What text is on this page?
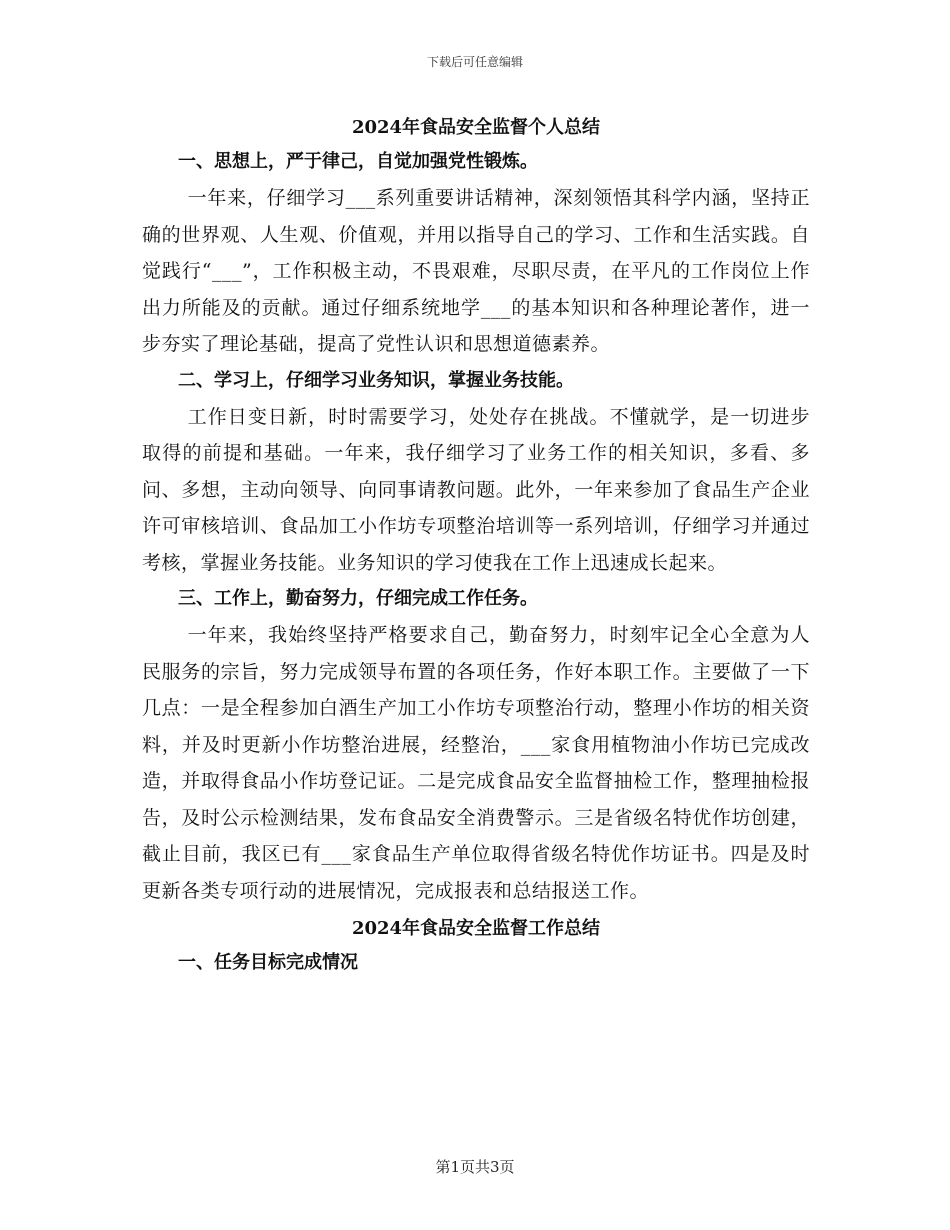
下载后可任意编辑
2024年食品安全监督个人总结
一、思想上，严于律己，自觉加强党性锻炼。

一年来，仔细学习___系列重要讲话精神，深刻领悟其科学内涵，坚持正确的世界观、人生观、价值观，并用以指导自己的学习、工作和生活实践。自觉践行“___”，工作积极主动，不畏艰难，尽职尽责，在平凡的工作岗位上作出力所能及的贡献。通过仔细系统地学___的基本知识和各种理论著作，进一步夯实了理论基础，提高了党性认识和思想道德素养。

二、学习上，仔细学习业务知识，掌握业务技能。

工作日变日新，时时需要学习，处处存在挑战。不懂就学，是一切进步取得的前提和基础。一年来，我仔细学习了业务工作的相关知识，多看、多问、多想，主动向领导、向同事请教问题。此外，一年来参加了食品生产企业许可审核培训、食品加工小作坊专项整治培训等一系列培训，仔细学习并通过考核，掌握业务技能。业务知识的学习使我在工作上迅速成长起来。

三、工作上，勤奋努力，仔细完成工作任务。

一年来，我始终坚持严格要求自己，勤奋努力，时刻牢记全心全意为人民服务的宗旨，努力完成领导布置的各项任务，作好本职工作。主要做了一下几点：一是全程参加白酒生产加工小作坊专项整治行动，整理小作坊的相关资料，并及时更新小作坊整治进展，经整治，___家食用植物油小作坊已完成改造，并取得食品小作坊登记证。二是完成食品安全监督抽检工作，整理抽检报告，及时公示检测结果，发布食品安全消费警示。三是省级名特优作坊创建，截止目前，我区已有___家食品生产单位取得省级名特优作坊证书。四是及时更新各类专项行动的进展情况，完成报表和总结报送工作。

2024年食品安全监督工作总结
一、任务目标完成情况
第1页共3页
